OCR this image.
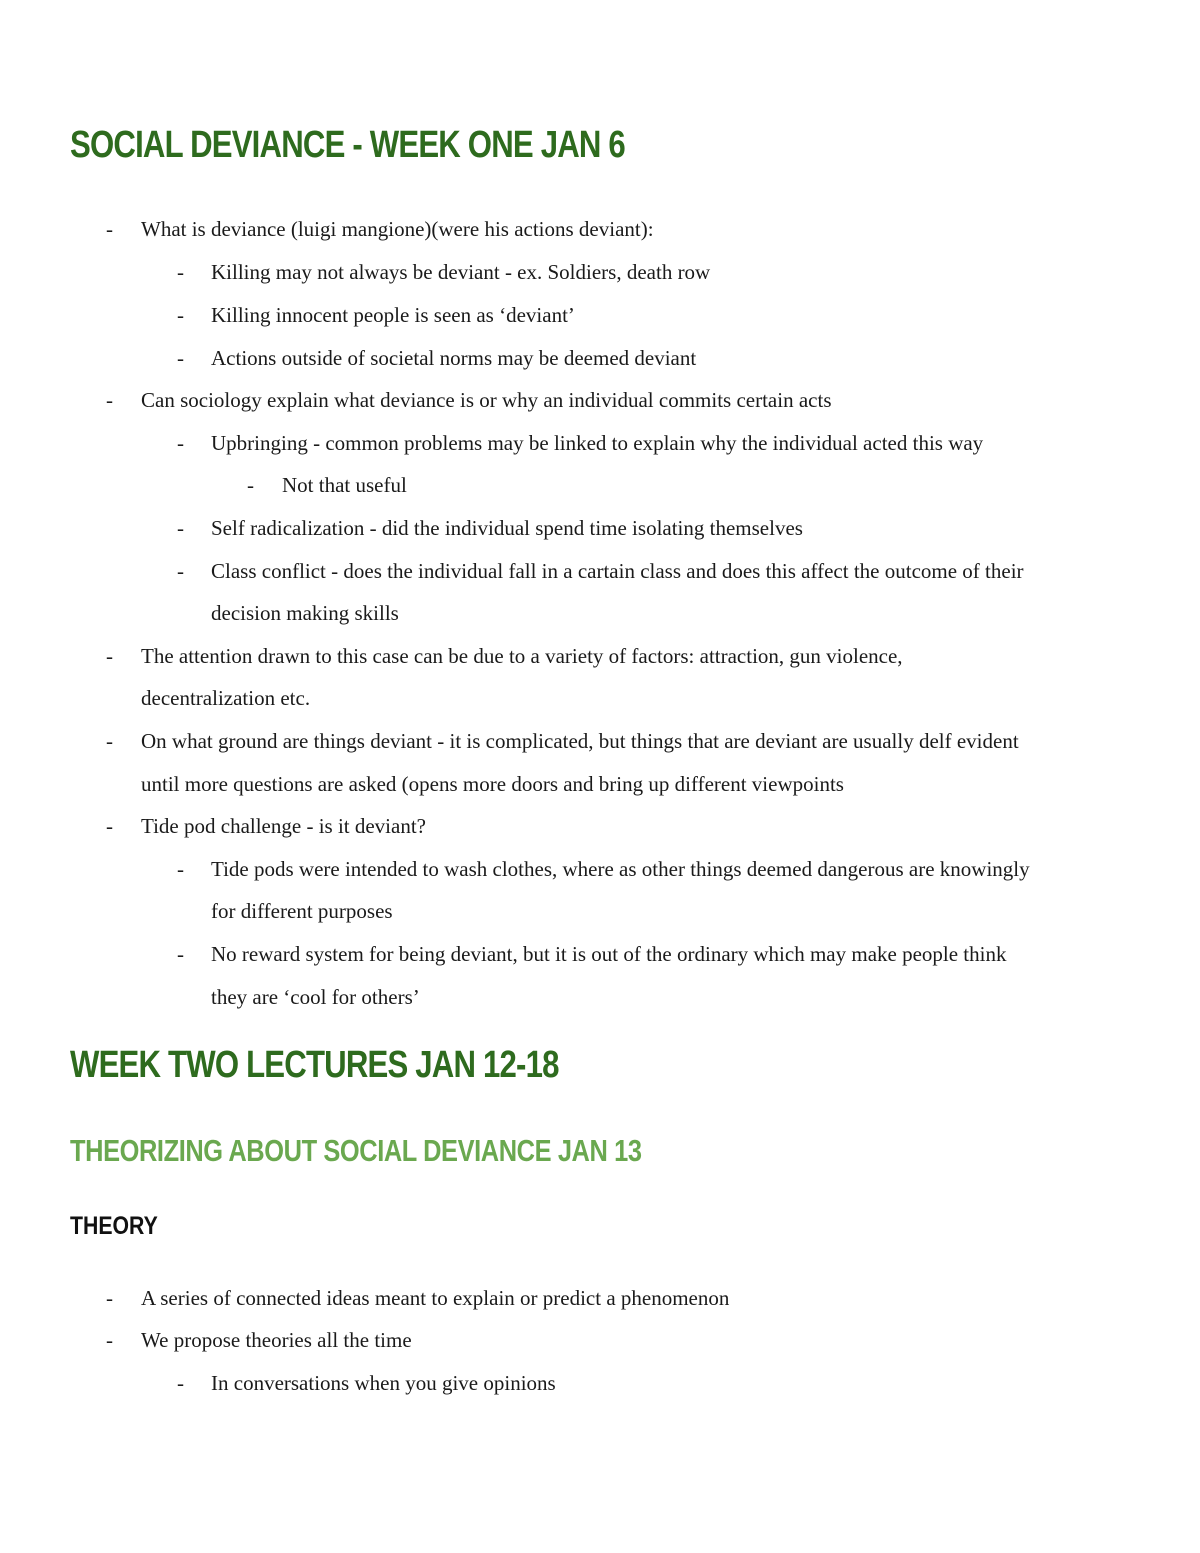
SOCIAL DEVIANCE - WEEK ONE JAN 6
- What is deviance (luigi mangione)(were his actions deviant):
- Killing may not always be deviant - ex. Soldiers, death row
- Killing innocent people is seen as ‘deviant’
- Actions outside of societal norms may be deemed deviant
- Can sociology explain what deviance is or why an individual commits certain acts
- Upbringing - common problems may be linked to explain why the individual acted this way
- Not that useful
- Self radicalization - did the individual spend time isolating themselves
- Class conflict - does the individual fall in a cartain class and does this affect the outcome of their
decision making skills
- The attention drawn to this case can be due to a variety of factors: attraction, gun violence,
decentralization etc.
- On what ground are things deviant - it is complicated, but things that are deviant are usually delf evident
until more questions are asked (opens more doors and bring up different viewpoints
- Tide pod challenge - is it deviant?
- Tide pods were intended to wash clothes, where as other things deemed dangerous are knowingly
for different purposes
- No reward system for being deviant, but it is out of the ordinary which may make people think
they are ‘cool for others’
WEEK TWO LECTURES JAN 12-18
THEORIZING ABOUT SOCIAL DEVIANCE JAN 13
THEORY
- A series of connected ideas meant to explain or predict a phenomenon
- We propose theories all the time
- In conversations when you give opinions
